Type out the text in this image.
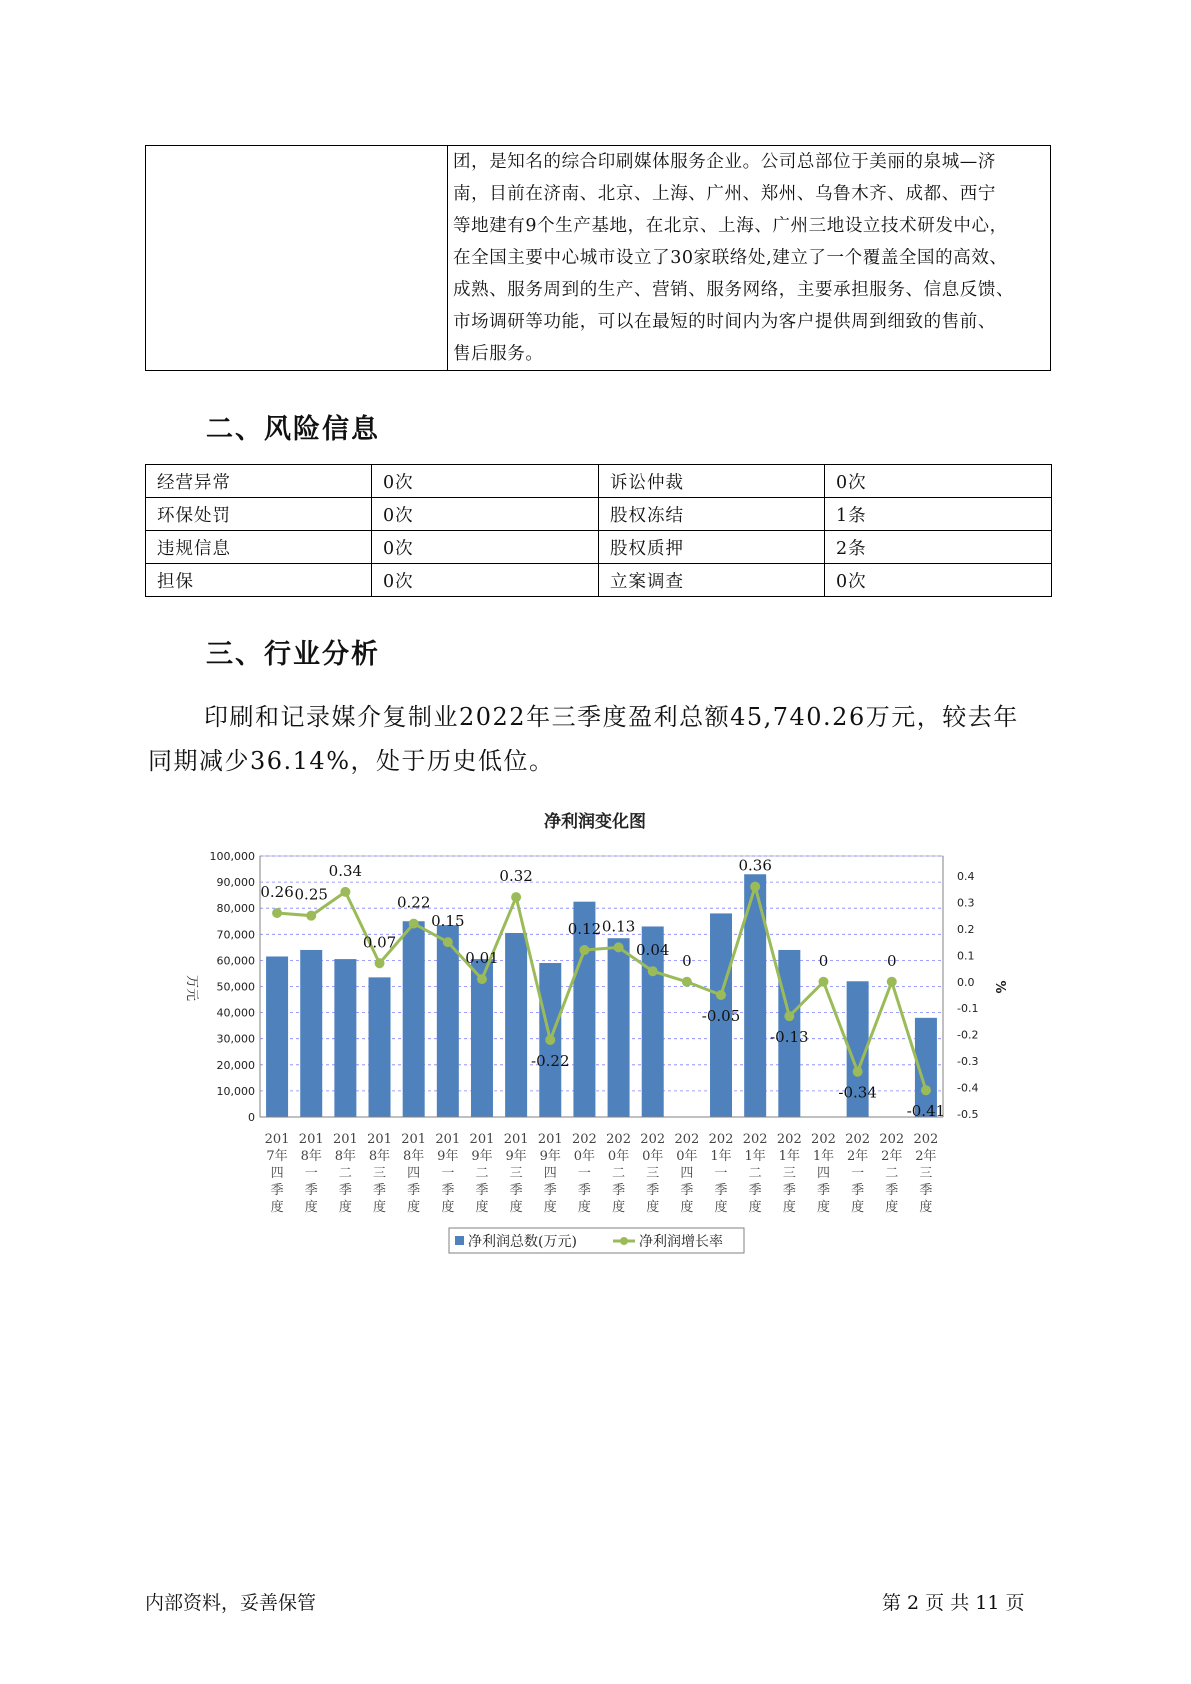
团，是知名的综合印刷媒体服务企业。公司总部位于美丽的泉城—济
南，目前在济南、北京、上海、广州、郑州、乌鲁木齐、成都、西宁
等地建有9个生产基地，在北京、上海、广州三地设立技术研发中心，
在全国主要中心城市设立了30家联络处,建立了一个覆盖全国的高效、
成熟、服务周到的生产、营销、服务网络，主要承担服务、信息反馈、
市场调研等功能，可以在最短的时间内为客户提供周到细致的售前、
售后服务。
二、风险信息
经营异常	0次	诉讼仲裁	0次
环保处罚	0次	股权冻结	1条
违规信息	0次	股权质押	2条
担保	0次	立案调查	0次
三、行业分析
印刷和记录媒介复制业2022年三季度盈利总额45,740.26万元，较去年
同期减少36.14%，处于历史低位。
净利润变化图
0
10,000
20,000
30,000
40,000
50,000
60,000
70,000
80,000
90,000
100,000
-0.5
-0.4
-0.3
-0.2
-0.1
0.0
0.1
0.2
0.3
0.4
万元	%
201
7年
四
季
度
201
8年
一
季
度
201
8年
二
季
度
201
8年
三
季
度
201
8年
四
季
度
201
9年
一
季
度
201
9年
二
季
度
201
9年
三
季
度
201
9年
四
季
度
202
0年
一
季
度
202
0年
二
季
度
202
0年
三
季
度
202
0年
四
季
度
202
1年
一
季
度
202
1年
二
季
度
202
1年
三
季
度
202
1年
四
季
度
202
2年
一
季
度
202
2年
二
季
度
202
2年
三
季
度
0.26 0.25
0.34
0.07
0.22
0.15
0.01
0.32
-0.22
0.12 0.13
0.04
0
-0.05
0.36
-0.13
0
-0.34
0
-0.41
净利润总数(万元)	净利润增长率
内部资料，妥善保管	第 2 页 共 11 页
